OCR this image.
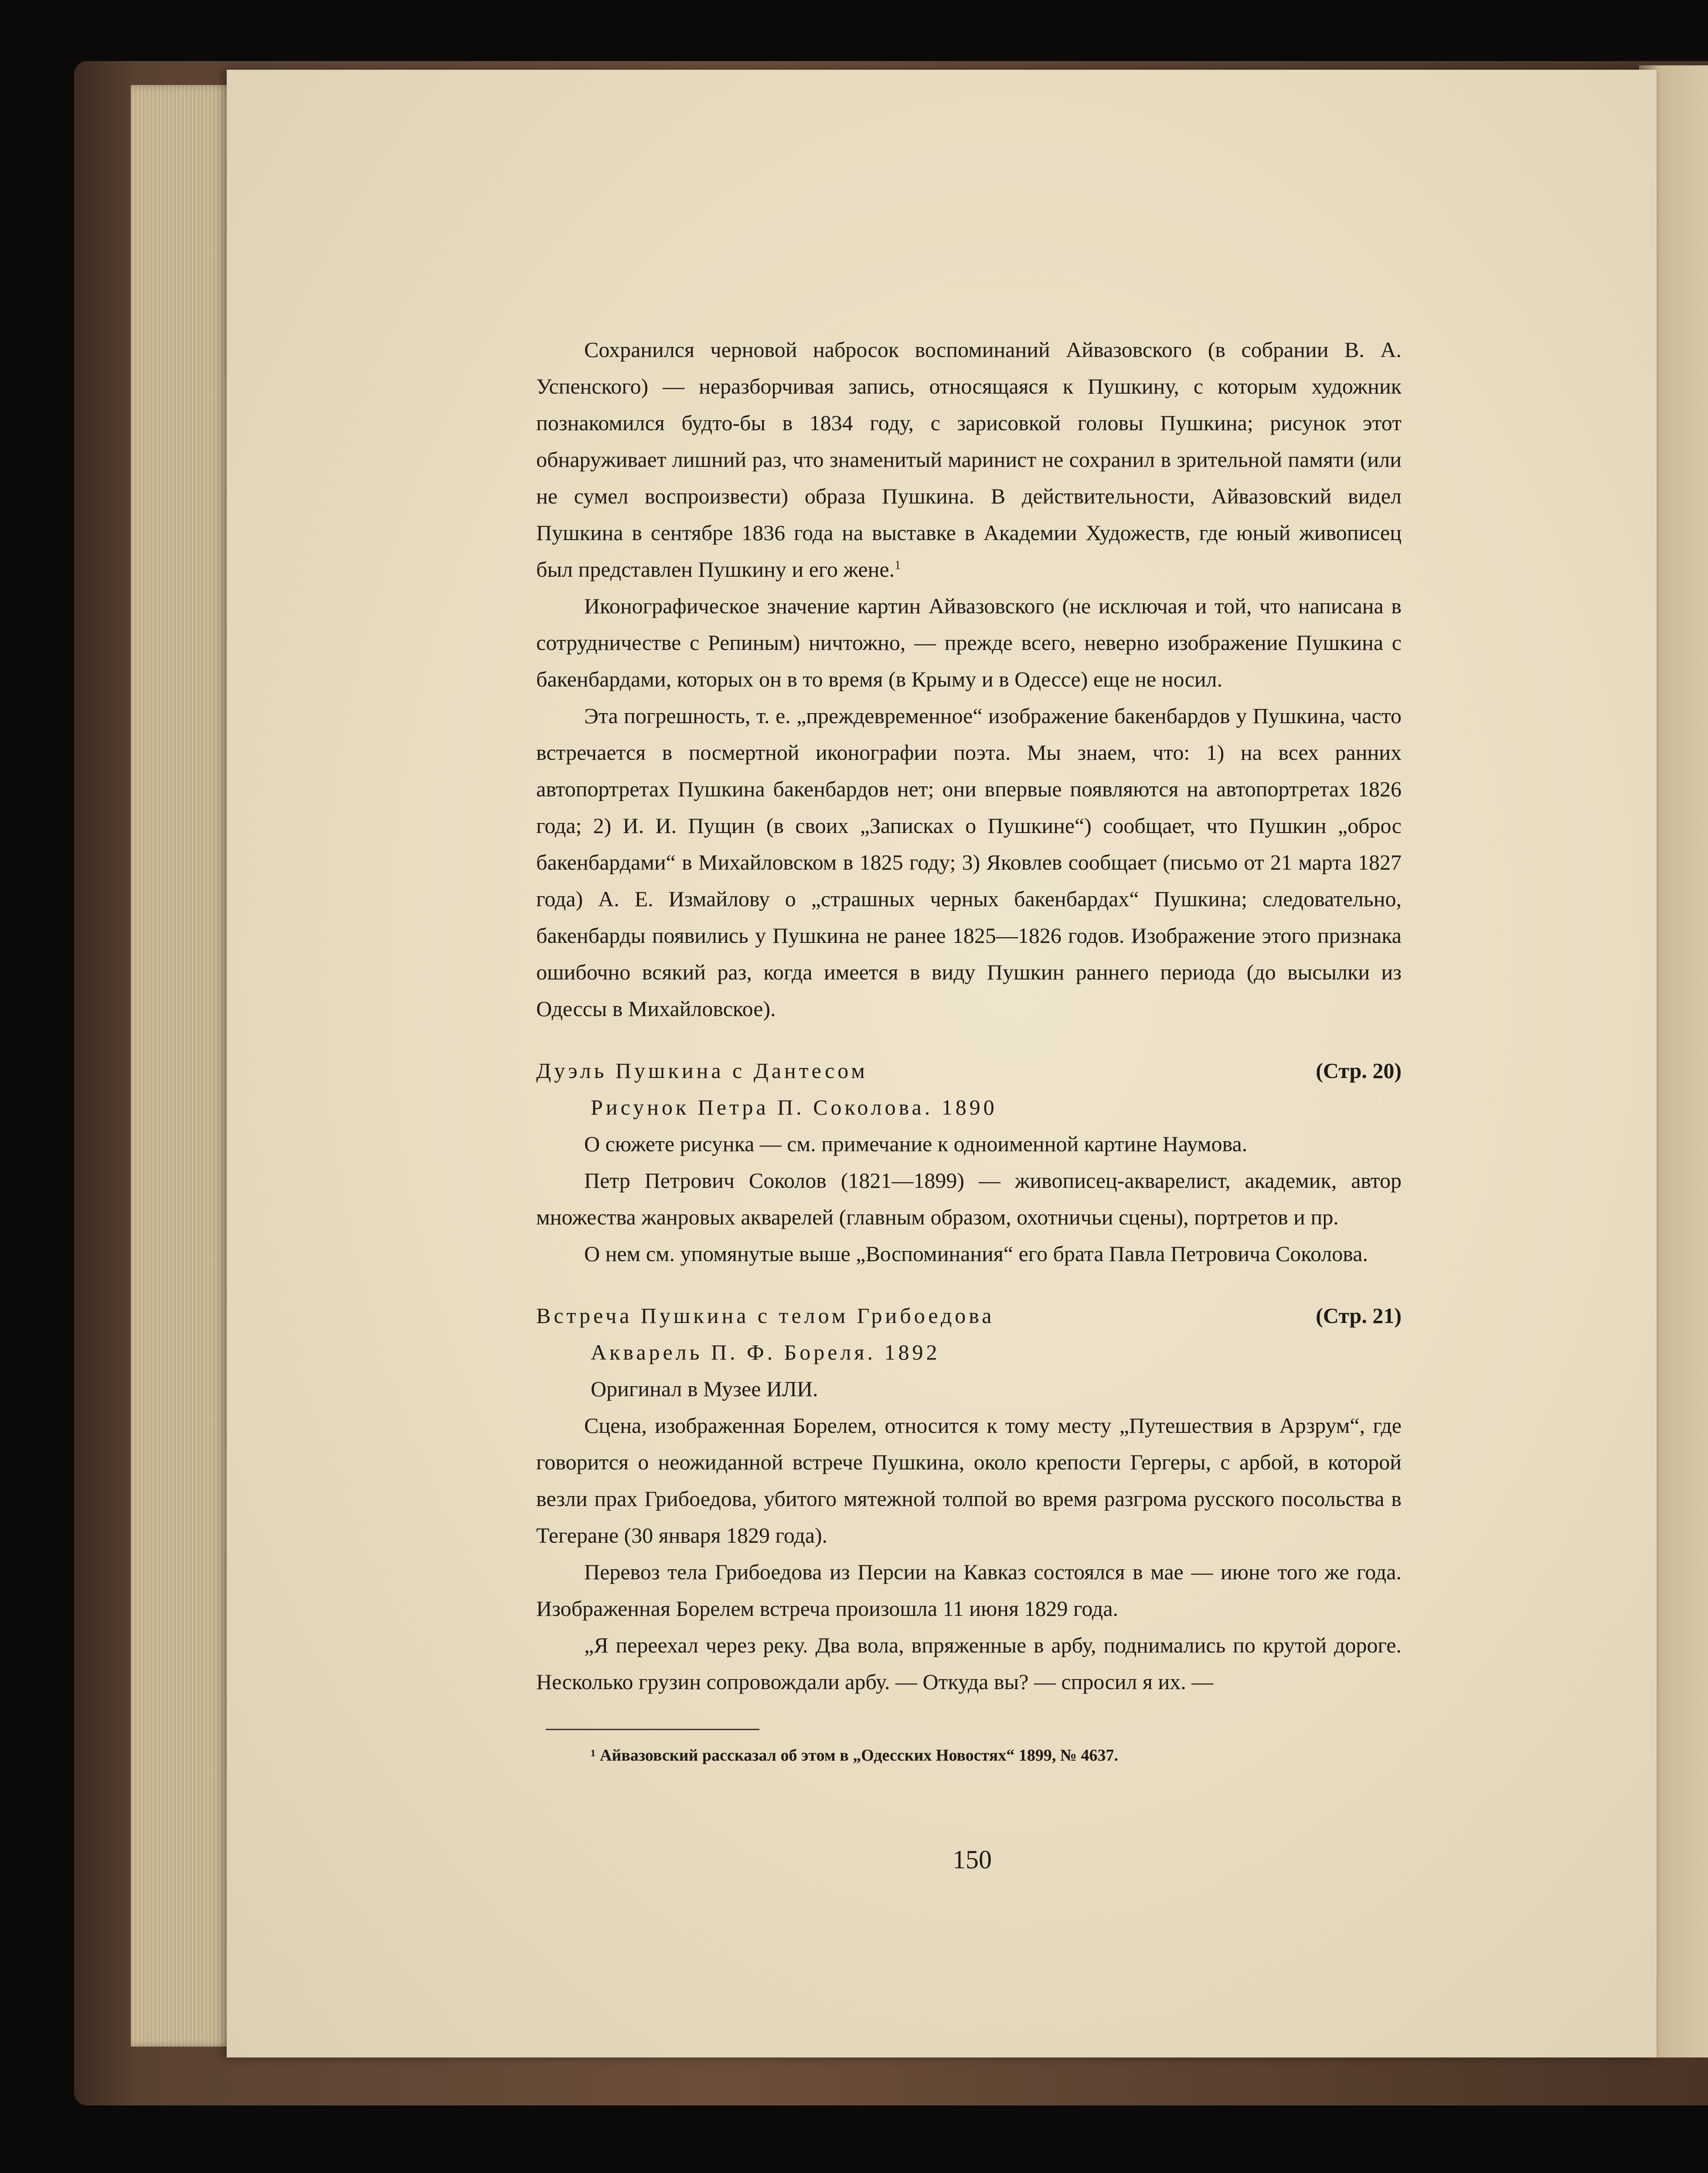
Сохранился черновой набросок воспоминаний Айвазовского (в собрании В. А. Успенского) — неразборчивая запись, относящаяся к Пушкину, с которым художник познакомился будто-бы в 1834 году, с зарисовкой головы Пушкина; рисунок этот обнаруживает лишний раз, что знаменитый маринист не сохранил в зрительной памяти (или не сумел воспроизвести) образа Пушкина. В действительности, Айвазовский видел Пушкина в сентябре 1836 года на выставке в Академии Художеств, где юный живописец был представлен Пушкину и его жене.$^1$

Иконографическое значение картин Айвазовского (не исключая и той, что написана в сотрудничестве с Репиным) ничтожно, — прежде всего, неверно изображение Пушкина с бакенбардами, которых он в то время (в Крыму и в Одессе) еще не носил.

Эта погрешность, т. е. „преждевременное“ изображение бакенбардов у Пушкина, часто встречается в посмертной иконографии поэта. Мы знаем, что: 1) на всех ранних автопортретах Пушкина бакенбардов нет; они впервые появляются на автопортретах 1826 года; 2) И. И. Пущин (в своих „Записках о Пушкине“) сообщает, что Пушкин „оброс бакенбардами“ в Михайловском в 1825 году; 3) Яковлев сообщает (письмо от 21 марта 1827 года) А. Е. Измайлову о „страшных черных бакенбардах“ Пушкина; следовательно, бакенбарды появились у Пушкина не ранее 1825—1826 годов. Изображение этого признака ошибочно всякий раз, когда имеется в виду Пушкин раннего периода (до высылки из Одессы в Михайловское).

Дуэль Пушкина с Дантесом	(Стр. 20)

Рисунок Петра П. Соколова. 1890

О сюжете рисунка — см. примечание к одноименной картине Наумова.

Петр Петрович Соколов (1821—1899) — живописец-акварелист, академик, автор множества жанровых акварелей (главным образом, охотничьи сцены), портретов и пр.

О нем см. упомянутые выше „Воспоминания“ его брата Павла Петровича Соколова.

Встреча Пушкина с телом Грибоедова	(Стр. 21)

Акварель П. Ф. Бореля. 1892

Оригинал в Музее ИЛИ.

Сцена, изображенная Борелем, относится к тому месту „Путешествия в Арзрум“, где говорится о неожиданной встрече Пушкина, около крепости Гергеры, с арбой, в которой везли прах Грибоедова, убитого мятежной толпой во время разгрома русского посольства в Тегеране (30 января 1829 года).

Перевоз тела Грибоедова из Персии на Кавказ состоялся в мае — июне того же года. Изображенная Борелем встреча произошла 11 июня 1829 года.

„Я переехал через реку. Два вола, впряженные в арбу, поднимались по крутой дороге. Несколько грузин сопровождали арбу. — Откуда вы? — спросил я их. —

¹ Айвазовский рассказал об этом в „Одесских Новостях“ 1899, № 4637.

150
